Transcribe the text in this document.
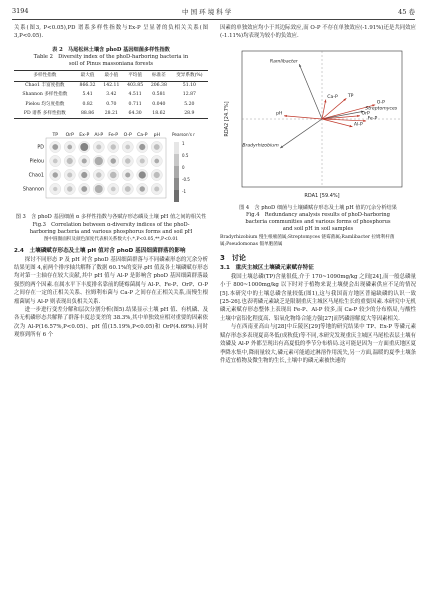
3194	中 国 环 境 科 学	45 卷

关系(图3, P<0.05),PD 谱系多样性指数与Ex-P 呈显著的负相关关系(图3,P<0.05).

表 2　马尾松林土壤含 phoD 基因细菌多样性指数
Table 2　Diversity index of the phoD-harboring bacteria in
soil of Pinus massoniana forests
多样性指数	最大值	最小值	平均值	标准差	变异系数(%)
Chao1 丰富度指数	866.32	142.11	403.85	206.38	51.10
Shannon 多样性指数	5.41	3.42	4.511	0.581	12.87
Pielou 均匀度指数	0.82	0.70	0.711	0.040	5.20
PD 谱系 多样性指数	88.86	28.21	64.30	18.62	28.9
TP OrP Ex-P Al-P Fe-P O-P Ca-P pH
PD
Pielou
Chao1
Shannon
Pearson's r
1
0.5
0
-0.5
-1
图 3　含 phoD 基因细菌 α 多样性指数与各赋存形态磷及土壤 pH 值之间的相关性
Fig.3　Correlation between α-diversity indices of the phoD-
harboring bacteria and various phosphorus forms and soil pH
图中圆圈面积及颜色深度代表相关系数大小,*,P<0.05,**,P<0.01

2.4　土壤磷赋存形态及土壤 pH 值对含 phoD 基因细菌群落的影响

探讨不同形态 P 及 pH 对含 phoD 基因细菌群落与不同磷素形态的冗余分析结果见图 4,前两个排序轴共解释了数据 60.1%的变异.pH 值及各土壤磷赋存形态均对第一主轴存在较大贡献,其中 pH 值与 Al-P 是影响含 phoD 基因细菌群落最强烈的两个因素.在属水平下丰度排名靠前的链霉菌属与 Al-P、Fe-P、OrP、O-P 之间存在一定的正相关关系、拉姆利布菌与 Ca-P 之间存在正相关关系,而慢生根瘤菌属与 Al-P 则表现出负相关关系.

进一步进行变差分解和层次分割分析(图5).结果显示土壤 pH 值、有机磷、及各无机磷形态共解释了群落丰度总变差的 38.3%,其中单独效应相对重要的因素依次为 Al-P(16.57%,P<0.05)、pH 值(15.19%,P<0.05)和 OrP(4.69%).同时观察到所有 6 个

因素的单独效应均小于其边际效应,而 O-P 不存在单独效应(-1.91%)还是共同效应(-1.11%)均表现为较小的负效应.

Ramlibacter
TP
Ca-P
O-P
Streptomyces
OrP
Fe-P
Al-P
pH
Bradyrhizobium
RDA1 [59.4%]
RDA2 [24.7%]
图 4　含 phoD 细菌与土壤磷赋存形态及土壤 pH 值的冗余分析结果
Fig.4　Redundancy analysis results of phoD-harboring
bacteria communities and various forms of phosphorus
and soil pH in soil samples
Bradyrhizobium 慢生根瘤菌属;Streptomyces 链霉菌属;Ramlibacter 拉姆利杆菌属;Pseudomonas 假单胞菌属

3　讨论

3.1　重庆主城区土壤磷元素赋存特征

我国土壤总磷(TP)含量很低,介于 170~1090mg/kg 之间[24],而一般总磷量小于 800~1000mg/kg 以下时对于植物来说土壤便会出现磷素供应不足的情况[5].本研究中的土壤总磷含量较低(图1),这与我国南方地区普遍缺磷的认识一致[25-26].也表明磷元素缺乏是限制重庆主城区马尾松生长的重要因素.本研究中无机磷元素赋存形态整体上表现出 Fe-P、Al-P 较多,而 Ca-P 较少的分布格局,与酸性土壤中富铝化程度高、铝氧化物络合能力强[27]而钙磷溶解度大等因素相关.

与在西南亚高山与[28]中丘陵区[29]等地的研究结果中 TP、Ex-P 等磷元素赋存形态多表现夏高冬低(成秋低)等不同,本研究发现重庆主城区马尾松表层土壤有效磷及 Al-P 外都呈现出有高夏低的季节分布格局.这可能是因为一方面重庆地区夏季降水集中,降雨量较大,磷元素可能通过淋溶作用流失,另一方面,温暖的夏季土壤条件适宜植物及微生物的生长,土壤中的磷元素被快速的
